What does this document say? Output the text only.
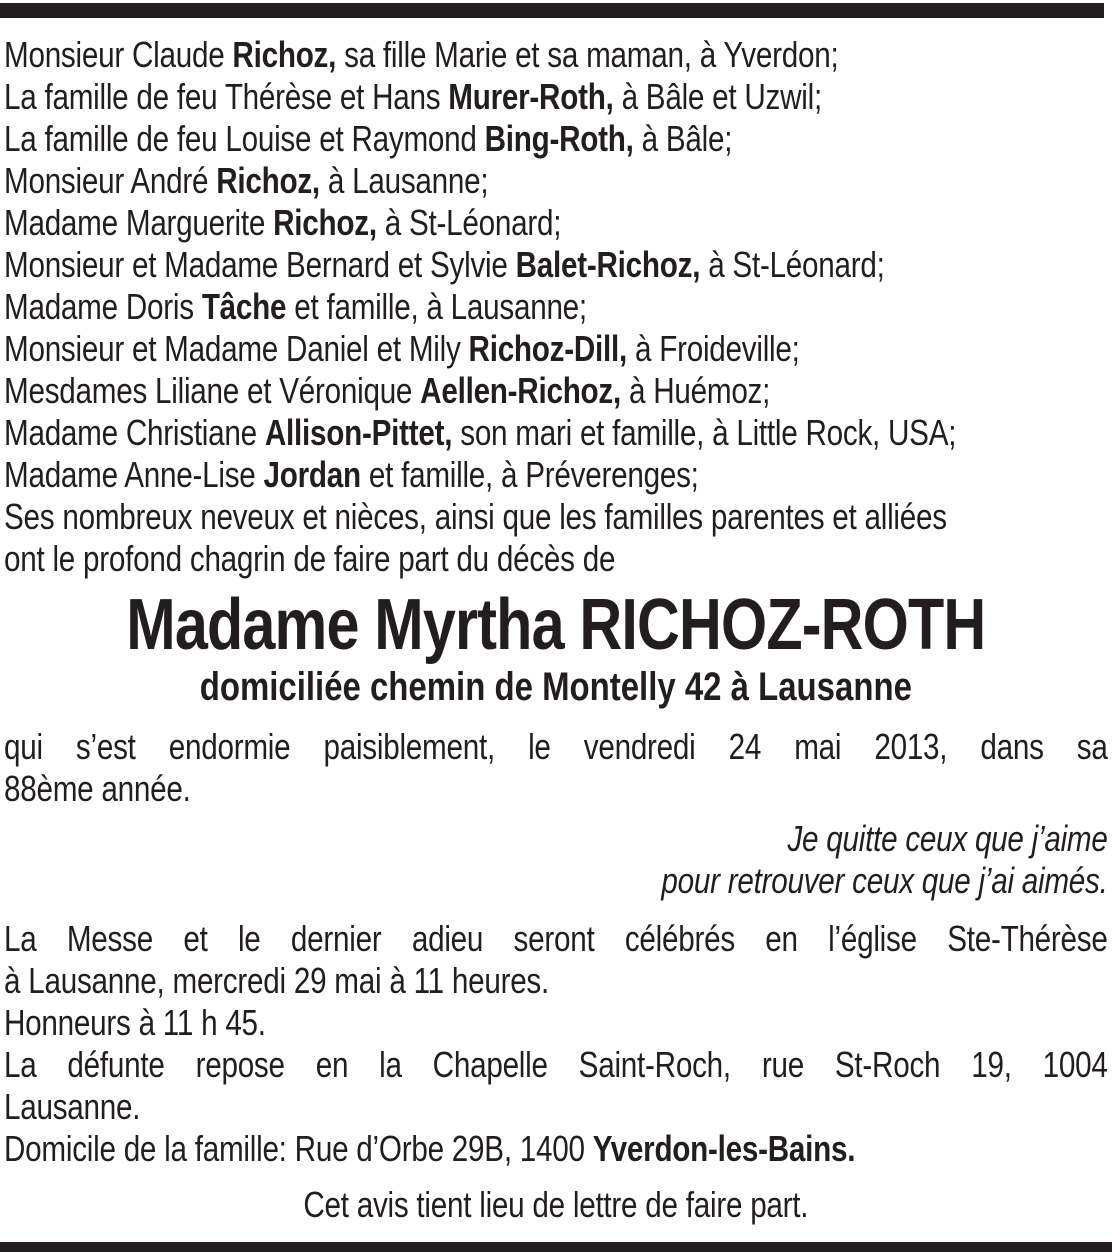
Monsieur Claude Richoz, sa fille Marie et sa maman, à Yverdon;
La famille de feu Thérèse et Hans Murer-Roth, à Bâle et Uzwil;
La famille de feu Louise et Raymond Bing-Roth, à Bâle;
Monsieur André Richoz, à Lausanne;
Madame Marguerite Richoz, à St-Léonard;
Monsieur et Madame Bernard et Sylvie Balet-Richoz, à St-Léonard;
Madame Doris Tâche et famille, à Lausanne;
Monsieur et Madame Daniel et Mily Richoz-Dill, à Froideville;
Mesdames Liliane et Véronique Aellen-Richoz, à Huémoz;
Madame Christiane Allison-Pittet, son mari et famille, à Little Rock, USA;
Madame Anne-Lise Jordan et famille, à Préverenges;
Ses nombreux neveux et nièces, ainsi que les familles parentes et alliées
ont le profond chagrin de faire part du décès de
Madame Myrtha RICHOZ-ROTH
domiciliée chemin de Montelly 42 à Lausanne
qui s’est endormie paisiblement, le vendredi 24 mai 2013, dans sa
88ème année.
Je quitte ceux que j’aime
pour retrouver ceux que j’ai aimés.
La Messe et le dernier adieu seront célébrés en l’église Ste-Thérèse
à Lausanne, mercredi 29 mai à 11 heures.
Honneurs à 11 h 45.
La défunte repose en la Chapelle Saint-Roch, rue St-Roch 19, 1004
Lausanne.
Domicile de la famille: Rue d’Orbe 29B, 1400 Yverdon-les-Bains.
Cet avis tient lieu de lettre de faire part.
